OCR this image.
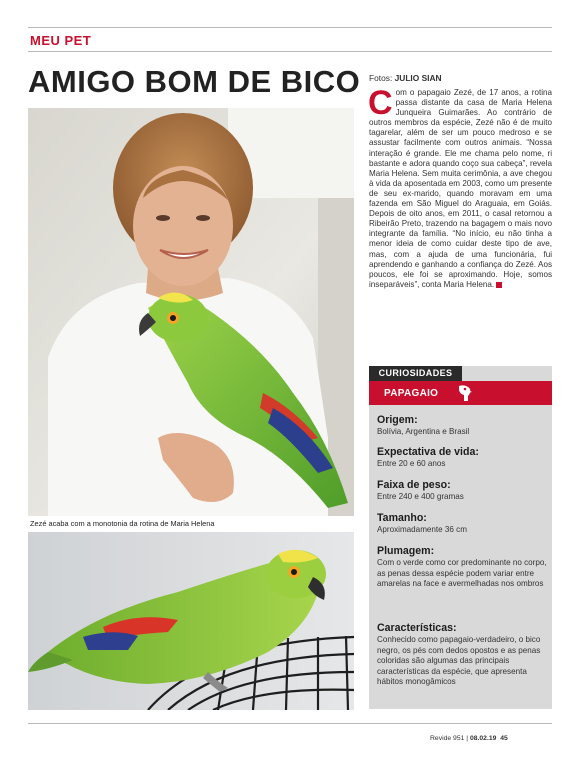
MEU PET
AMIGO BOM DE BICO
Zezé acaba com a monotonia da rotina de Maria Helena
Fotos: JULIO SIAN
Com o papagaio Zezé, de 17 anos, a rotina passa distante da casa de Maria Helena Junqueira Guimarães. Ao contrário de outros membros da espécie, Zezé não é de muito tagarelar, além de ser um pouco medroso e se assustar facilmente com outros animais. “Nossa interação é grande. Ele me chama pelo nome, ri bastante e adora quando coço sua cabeça”, revela Maria Helena. Sem muita cerimônia, a ave chegou à vida da aposentada em 2003, como um presente de seu ex-marido, quando moravam em uma fazenda em São Miguel do Araguaia, em Goiás. Depois de oito anos, em 2011, o casal retornou a Ribeirão Preto, trazendo na bagagem o mais novo integrante da família. “No início, eu não tinha a menor ideia de como cuidar deste tipo de ave, mas, com a ajuda de uma funcionária, fui aprendendo e ganhando a confiança do Zezé. Aos poucos, ele foi se aproximando. Hoje, somos inseparáveis”, conta Maria Helena.
CURIOSIDADES
PAPAGAIO
Origem:
Bolívia, Argentina e Brasil
Expectativa de vida:
Entre 20 e 60 anos
Faixa de peso:
Entre 240 e 400 gramas
Tamanho:
Aproximadamente 36 cm
Plumagem:
Com o verde como cor predominante no corpo, as penas dessa espécie podem variar entre amarelas na face e avermelhadas nos ombros
Características:
Conhecido como papagaio-verdadeiro, o bico negro, os pés com dedos opostos e as penas coloridas são algumas das principais características da espécie, que apresenta hábitos monogâmicos
Revide 951 | 08.02.19 45
